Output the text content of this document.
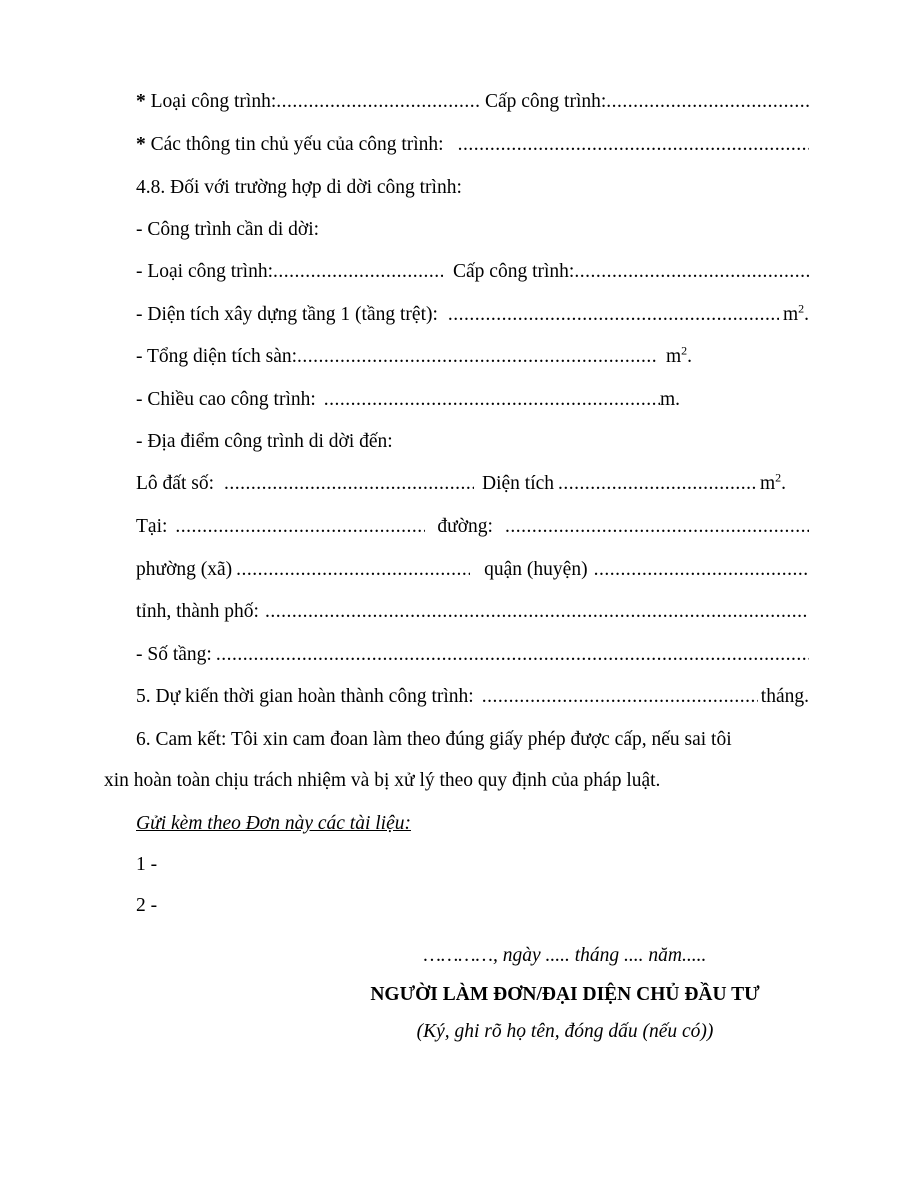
* Loại công trình: .....	Cấp công trình:
.....
* Các thông tin chủ yếu của công trình:
.....
4.8. Đối với trường hợp di dời công trình:
- Công trình cần di dời:
- Loại công trình: .....	Cấp công trình:
.....
- Diện tích xây dựng tầng 1 (tầng trệt): .....	$m^2$.
- Tổng diện tích sàn: .....	$m^2$.
- Chiều cao công trình: .....	m.
- Địa điểm công trình di dời đến:
Lô đất số: .....	Diện tích .....	$m^2$.
Tại: .....	đường:
.....
phường (xã) .....	quận (huyện)
.....
tỉnh, thành phố:
.....
- Số tầng:
.....
5. Dự kiến thời gian hoàn thành công trình: .....	tháng.
6. Cam kết: Tôi xin cam đoan làm theo đúng giấy phép được cấp, nếu sai tôi
xin hoàn toàn chịu trách nhiệm và bị xử lý theo quy định của pháp luật.
Gửi kèm theo Đơn này các tài liệu:
1 -
2 -
…………, ngày ..... tháng .... năm.....
NGƯỜI LÀM ĐƠN/ĐẠI DIỆN CHỦ ĐẦU TƯ
(Ký, ghi rõ họ tên, đóng dấu (nếu có))
